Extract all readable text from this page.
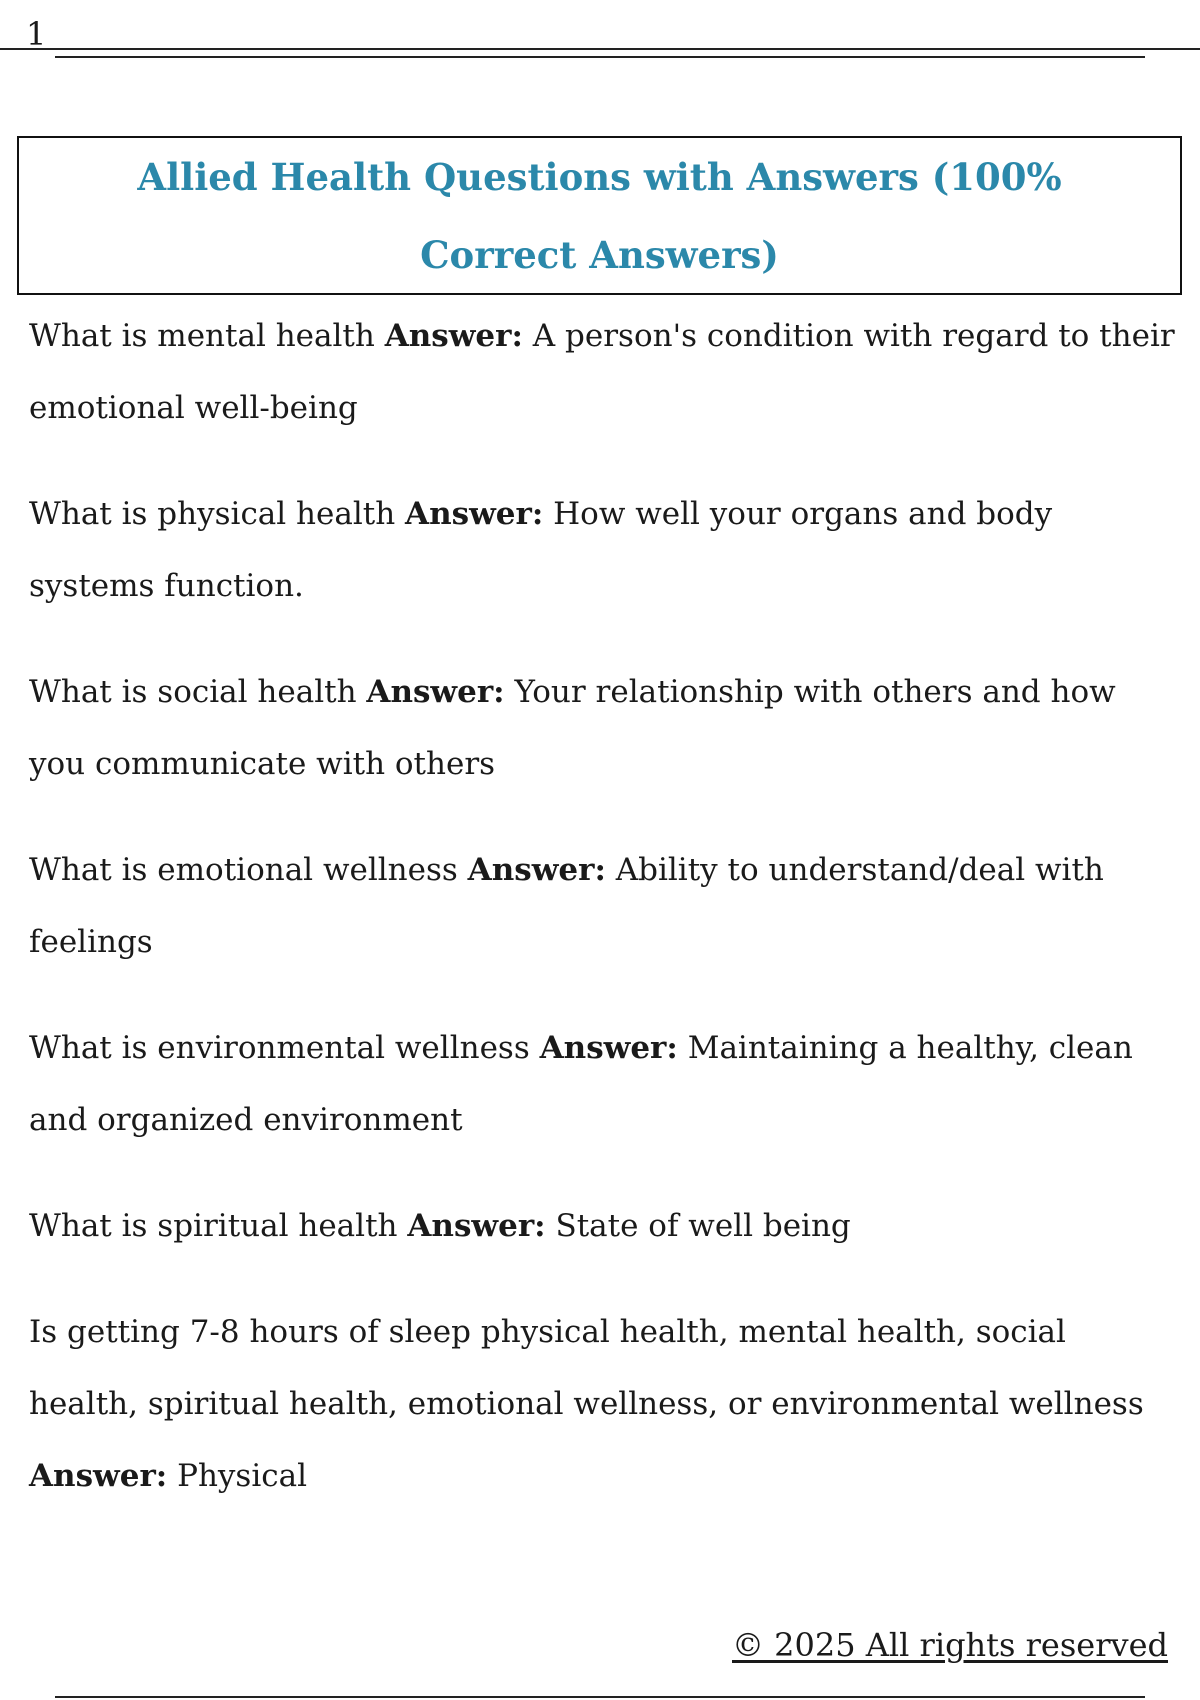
1
Allied Health Questions with Answers (100% Correct Answers)

What is mental health Answer: A person's condition with regard to their emotional well-being

What is physical health Answer: How well your organs and body systems function.

What is social health Answer: Your relationship with others and how you communicate with others

What is emotional wellness Answer: Ability to understand/deal with feelings

What is environmental wellness Answer: Maintaining a healthy, clean and organized environment

What is spiritual health Answer: State of well being

Is getting 7-8 hours of sleep physical health, mental health, social health, spiritual health, emotional wellness, or environmental wellness Answer: Physical

© 2025 All rights reserved
